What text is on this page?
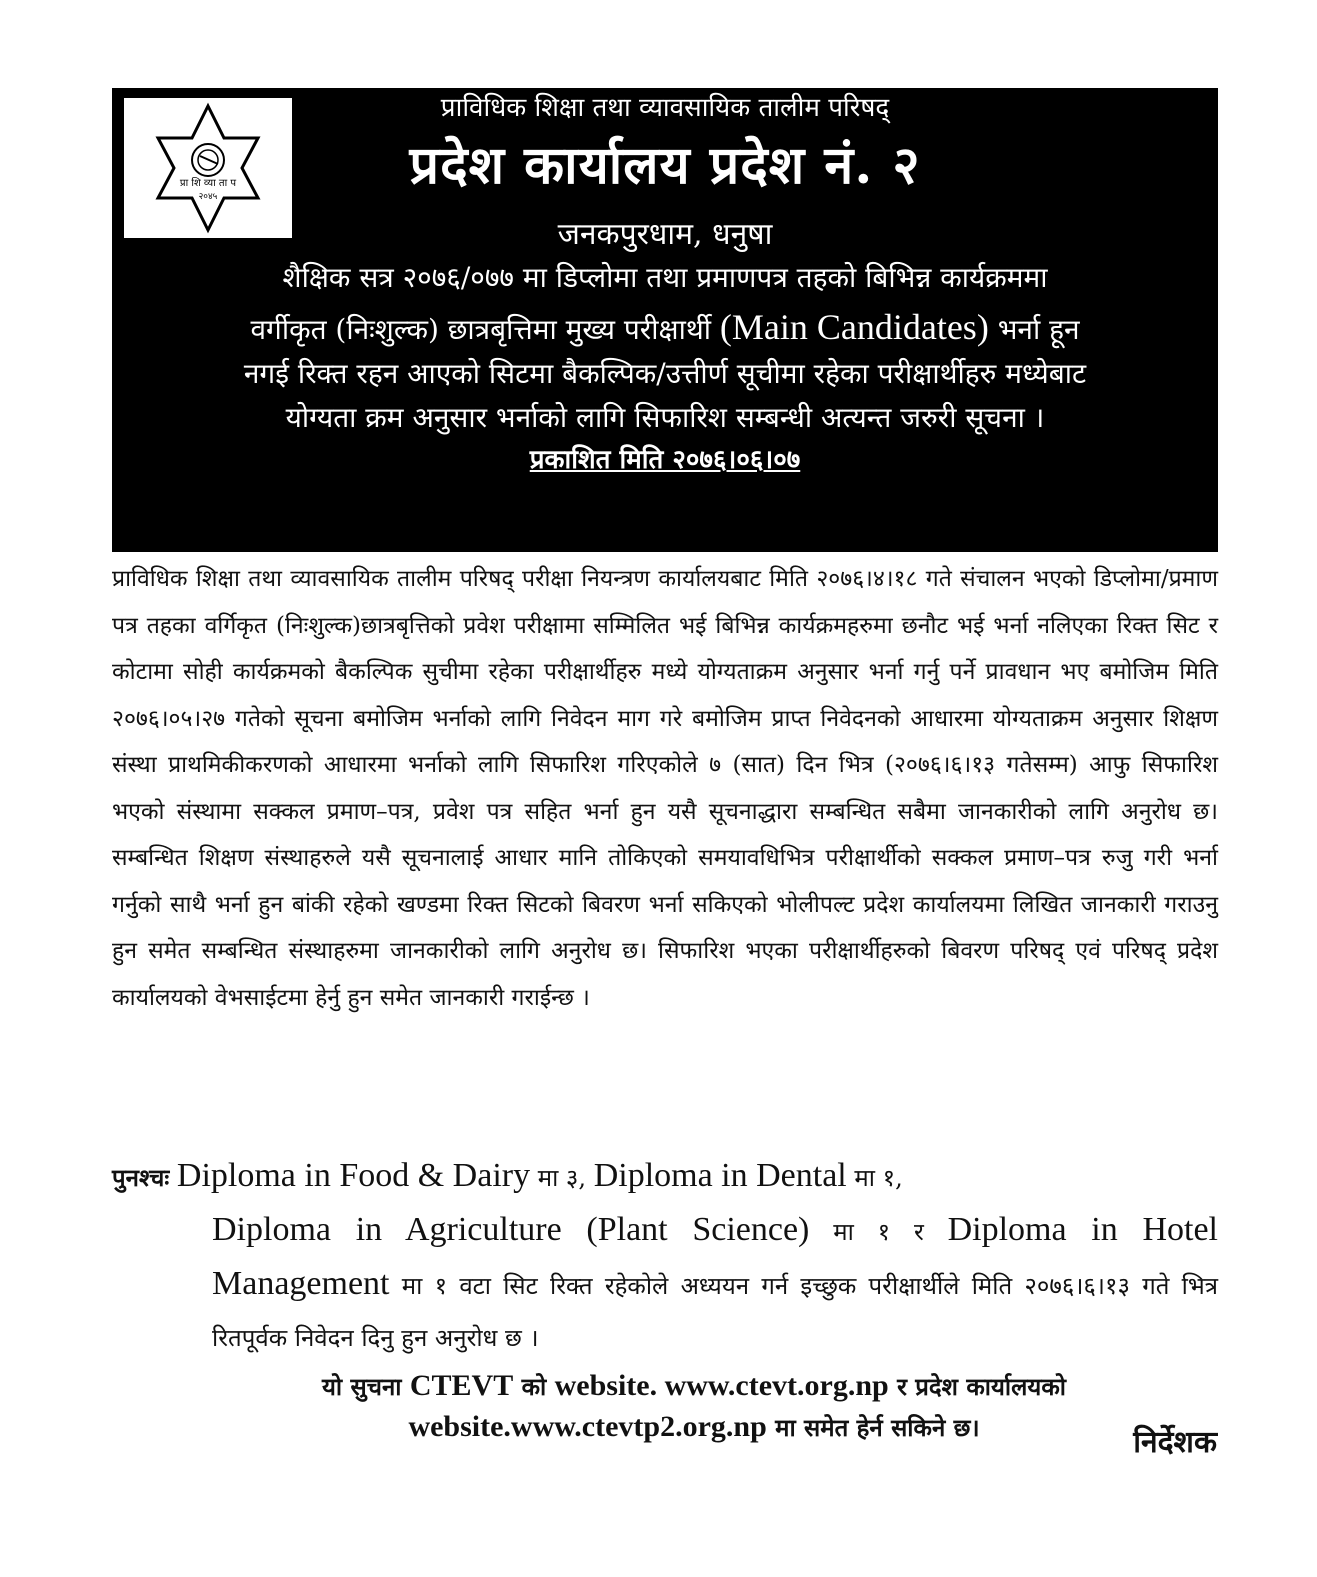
प्रा शि व्या ता प
२०४५
प्राविधिक शिक्षा तथा व्यावसायिक तालीम परिषद्
प्रदेश कार्यालय प्रदेश नं. २
जनकपुरधाम, धनुषा
शैक्षिक सत्र २०७६/०७७ मा डिप्लोमा तथा प्रमाणपत्र तहको बिभिन्न कार्यक्रममा
वर्गीकृत (निःशुल्क) छात्रबृत्तिमा मुख्य परीक्षार्थी (Main Candidates) भर्ना हून
नगई रिक्त रहन आएको सिटमा बैकल्पिक/उत्तीर्ण सूचीमा रहेका परीक्षार्थीहरु मध्येबाट
योग्यता क्रम अनुसार भर्नाको लागि सिफारिश सम्बन्धी अत्यन्त जरुरी सूचना ।
प्रकाशित मिति २०७६।०६।०७
प्राविधिक शिक्षा तथा व्यावसायिक तालीम परिषद् परीक्षा नियन्त्रण कार्यालयबाट मिति २०७६।४।१८ गते संचालन भएको डिप्लोमा/प्रमाण पत्र तहका वर्गिकृत (निःशुल्क)छात्रबृत्तिको प्रवेश परीक्षामा सम्मिलित भई बिभिन्न कार्यक्रमहरुमा छनौट भई भर्ना नलिएका रिक्त सिट र कोटामा सोही कार्यक्रमको बैकल्पिक सुचीमा रहेका परीक्षार्थीहरु मध्ये योग्यताक्रम अनुसार भर्ना गर्नु पर्ने प्रावधान भए बमोजिम मिति २०७६।०५।२७ गतेको सूचना बमोजिम भर्नाको लागि निवेदन माग गरे बमोजिम प्राप्त निवेदनको आधारमा योग्यताक्रम अनुसार शिक्षण संस्था प्राथमिकीकरणको आधारमा भर्नाको लागि सिफारिश गरिएकोले ७ (सात) दिन भित्र (२०७६।६।१३ गतेसम्म) आफु सिफारिश भएको संस्थामा सक्कल प्रमाण–पत्र, प्रवेश पत्र सहित भर्ना हुन यसै सूचनाद्धारा सम्बन्धित सबैमा जानकारीको लागि अनुरोध छ। सम्बन्धित शिक्षण संस्थाहरुले यसै सूचनालाई आधार मानि तोकिएको समयावधिभित्र परीक्षार्थीको सक्कल प्रमाण–पत्र रुजु गरी भर्ना गर्नुको साथै भर्ना हुन बांकी रहेको खण्डमा रिक्त सिटको बिवरण भर्ना सकिएको भोलीपल्ट प्रदेश कार्यालयमा लिखित जानकारी गराउनु हुन समेत सम्बन्धित संस्थाहरुमा जानकारीको लागि अनुरोध छ। सिफारिश भएका परीक्षार्थीहरुको बिवरण परिषद् एवं परिषद् प्रदेश कार्यालयको वेभसाईटमा हेर्नु हुन समेत जानकारी गराईन्छ ।
पुनश्चः Diploma in Food & Dairy मा ३, Diploma in Dental मा १,
Diploma in Agriculture (Plant Science) मा १ र Diploma in Hotel Management मा १ वटा सिट रिक्त रहेकोले अध्ययन गर्न इच्छुक परीक्षार्थीले मिति २०७६।६।१३ गते भित्र रितपूर्वक निवेदन दिनु हुन अनुरोध छ ।
यो सुचना CTEVT को website. www.ctevt.org.np र प्रदेश कार्यालयको
website.www.ctevtp2.org.np मा समेत हेर्न सकिने छ।	निर्देशक
